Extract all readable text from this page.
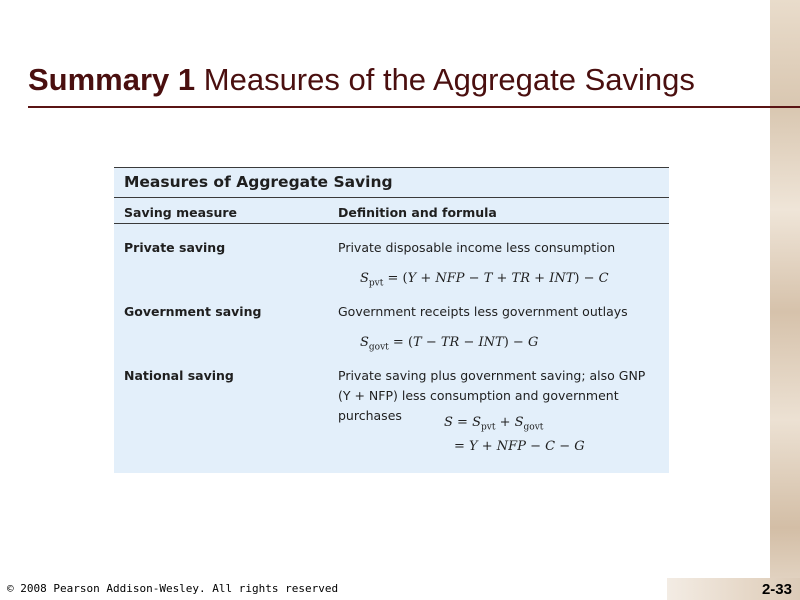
Summary 1 Measures of the Aggregate Savings
Measures of Aggregate Saving
Saving measure	Definition and formula
Private saving	Private disposable income less consumption
$S_{pvt} = (Y$ + NFP − T + TR + INT) − C
Government saving	Government receipts less government outlays
$S_{govt} = (T$ − TR − INT) − G
National saving	Private saving plus government saving; also GNP (Y + NFP) less consumption and government purchases	$S = S_{pvt} + S_{govt}$
= Y + NFP − C − G
© 2008 Pearson Addison-Wesley. All rights reserved	2-33
